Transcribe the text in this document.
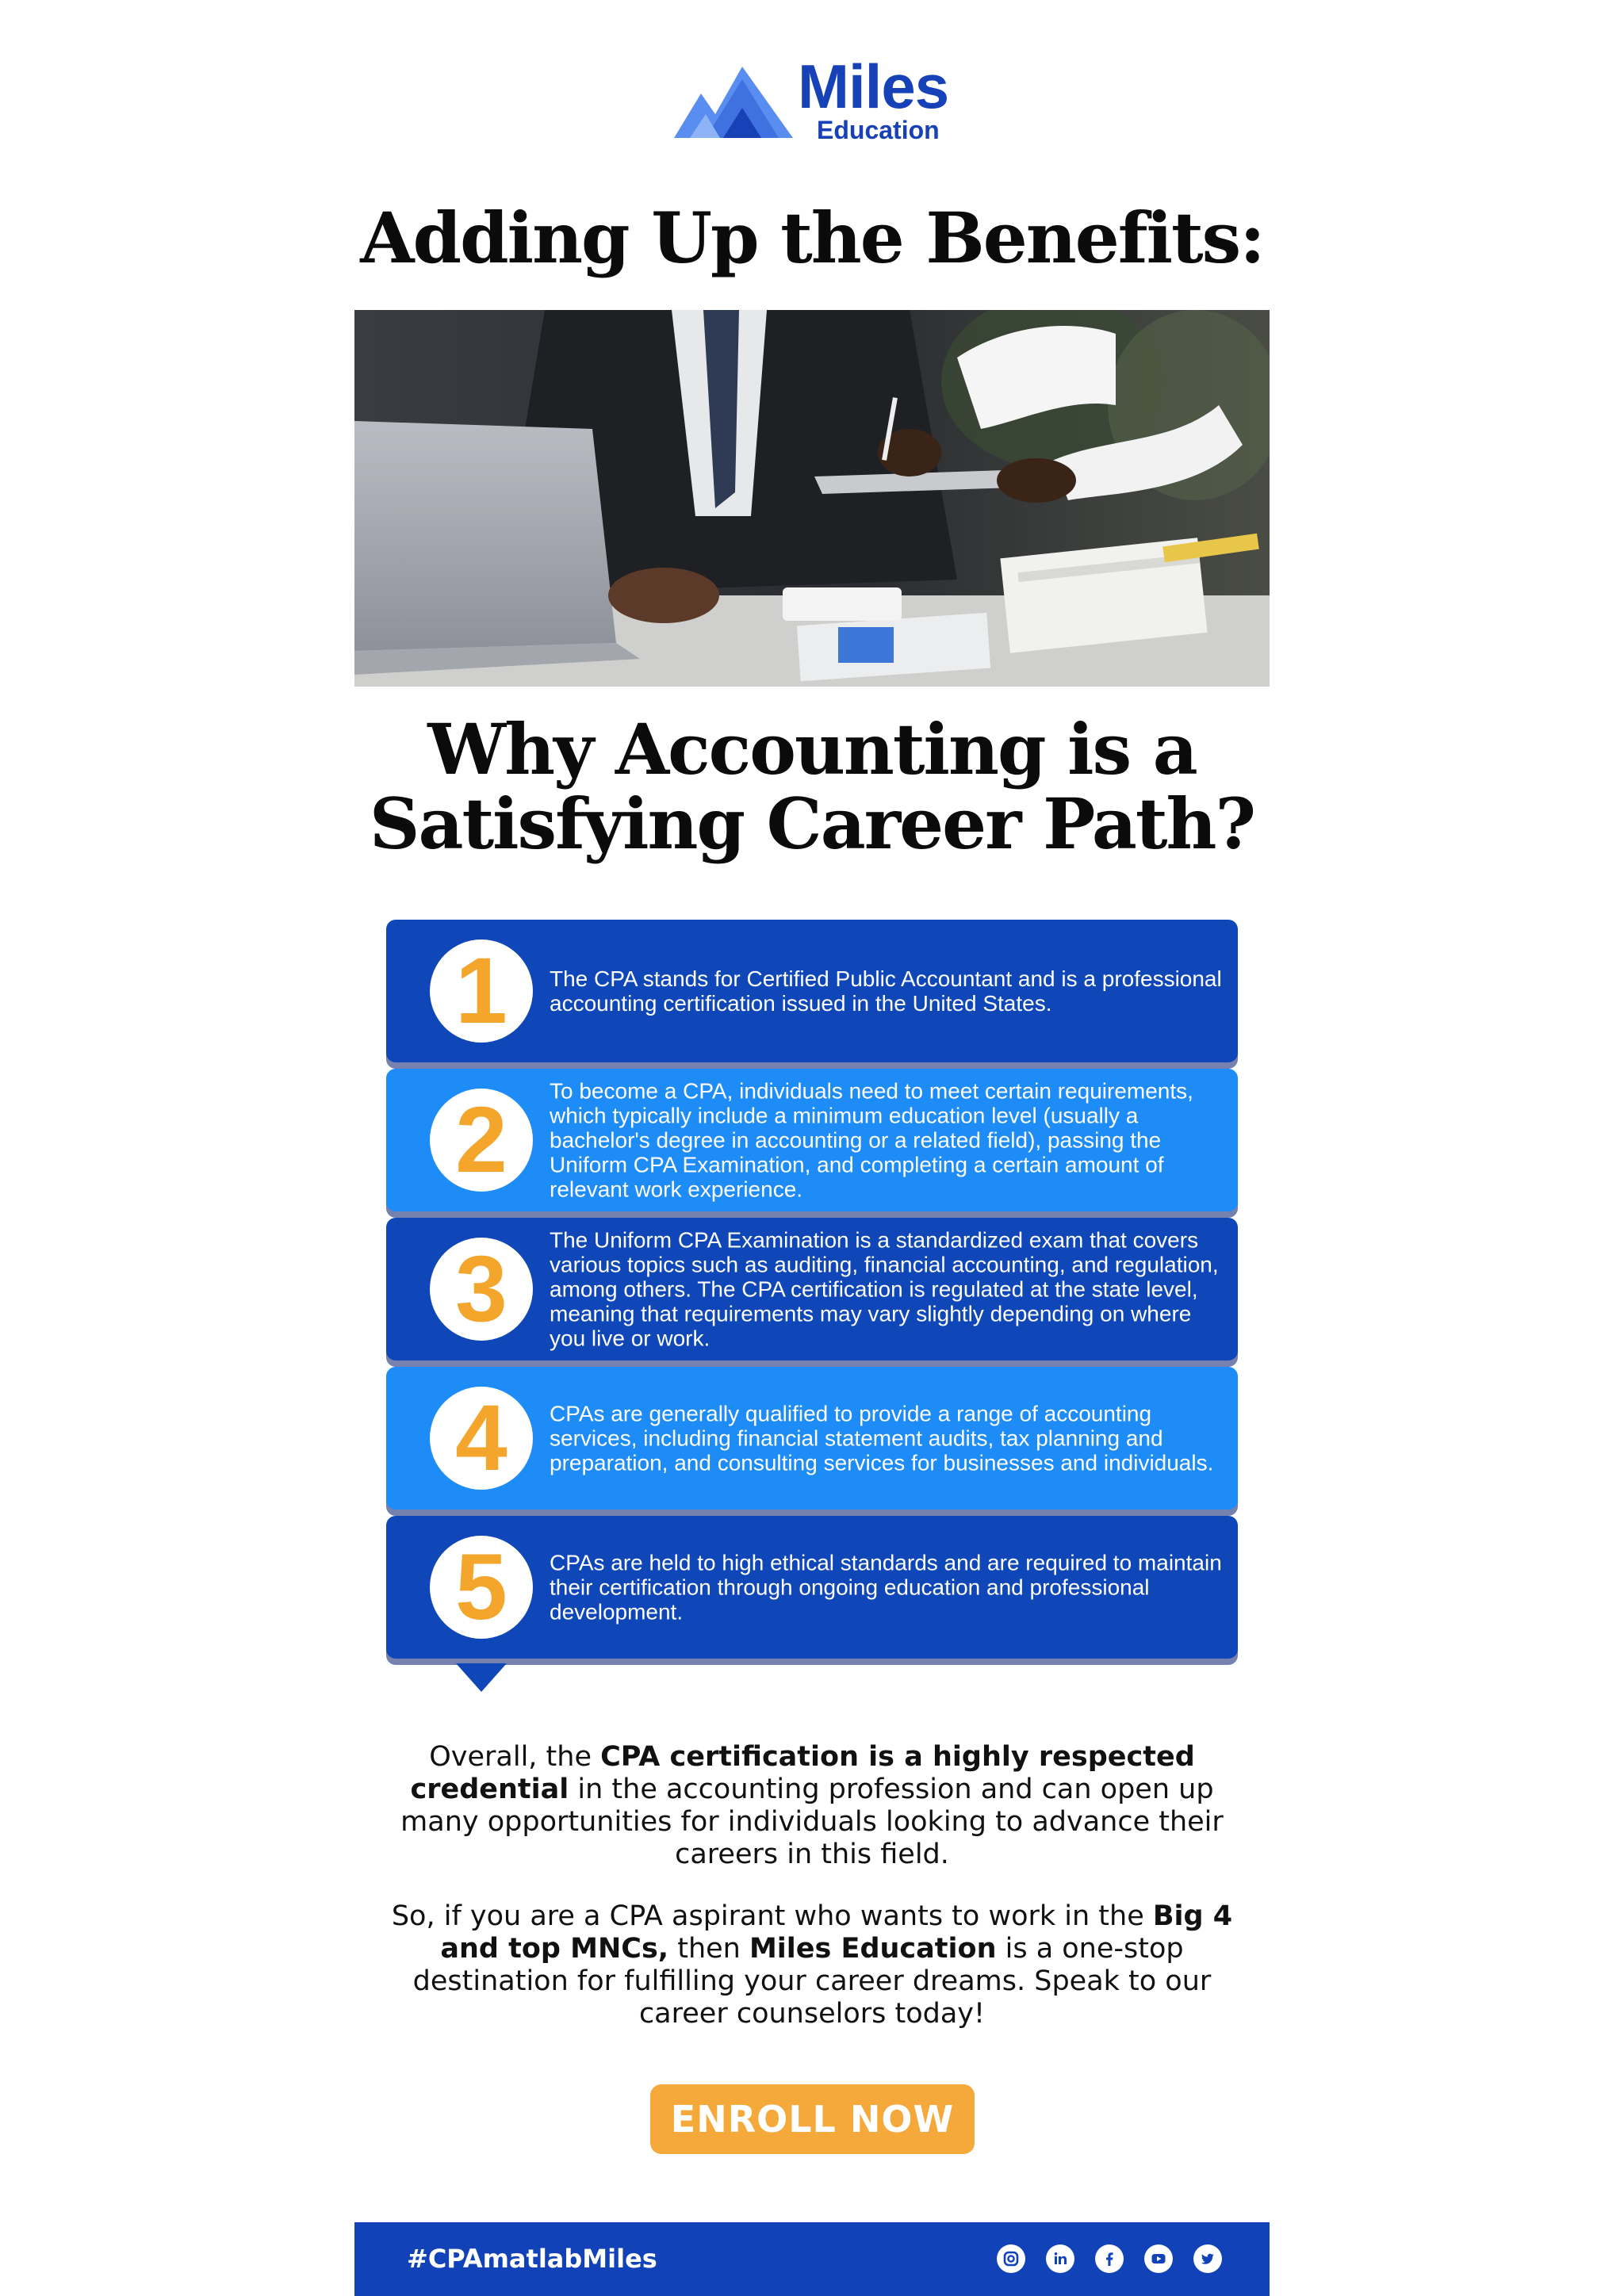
Miles
Education
Adding Up the Benefits:
Why Accounting is a
Satisfying Career Path?
1	The CPA stands for Certified Public Accountant and is a professional accounting certification issued in the United States.
2	To become a CPA, individuals need to meet certain requirements, which typically include a minimum education level (usually a bachelor's degree in accounting or a related field), passing the Uniform CPA Examination, and completing a certain amount of relevant work experience.
3	The Uniform CPA Examination is a standardized exam that covers various topics such as auditing, financial accounting, and regulation, among others. The CPA certification is regulated at the state level, meaning that requirements may vary slightly depending on where you live or work.
4	CPAs are generally qualified to provide a range of accounting services, including financial statement audits, tax planning and preparation, and consulting services for businesses and individuals.
5	CPAs are held to high ethical standards and are required to maintain their certification through ongoing education and professional development.

Overall, the CPA certification is a highly respected credential in the accounting profession and can open up many opportunities for individuals looking to advance their careers in this field.

So, if you are a CPA aspirant who wants to work in the Big 4 and top MNCs, then Miles Education is a one-stop destination for fulfilling your career dreams. Speak to our career counselors today!

ENROLL NOW
#CPAmatlabMiles
